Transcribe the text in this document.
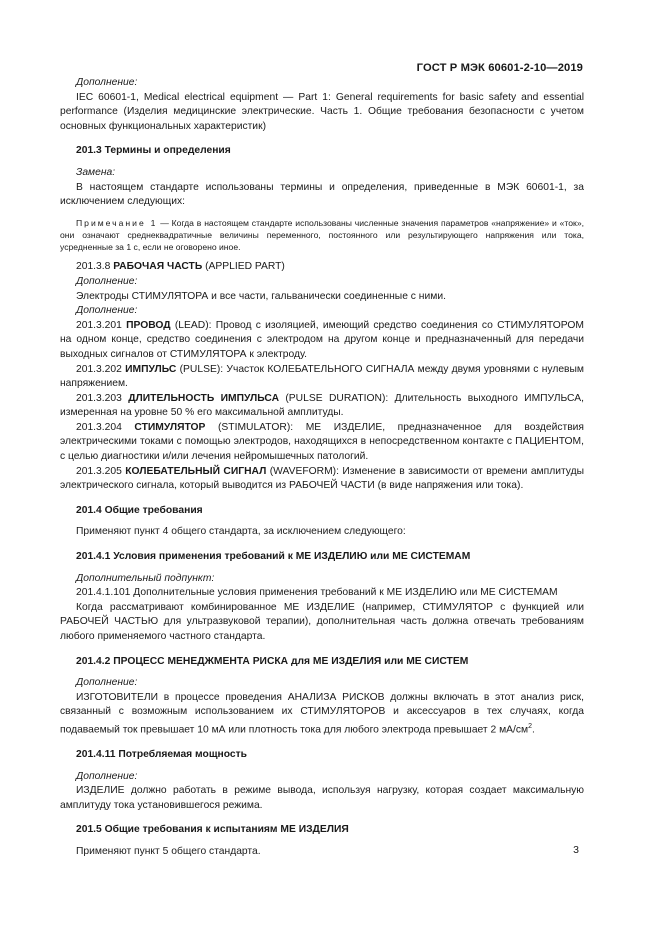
ГОСТ Р МЭК 60601-2-10—2019

Дополнение:

IEC 60601-1, Medical electrical equipment — Part 1: General requirements for basic safety and essential performance (Изделия медицинские электрические. Часть 1. Общие требования безопасности с учетом основных функциональных характеристик)

201.3 Термины и определения

Замена:

В настоящем стандарте использованы термины и определения, приведенные в МЭК 60601-1, за исключением следующих:

Примечание 1 — Когда в настоящем стандарте использованы численные значения параметров «напряжение» и «ток», они означают среднеквадратичные величины переменного, постоянного или результирующего напряжения или тока, усредненные за 1 с, если не оговорено иное.

201.3.8 РАБОЧАЯ ЧАСТЬ (APPLIED PART)

Дополнение:

Электроды СТИМУЛЯТОРА и все части, гальванически соединенные с ними.

Дополнение:

201.3.201 ПРОВОД (LEAD): Провод с изоляцией, имеющий средство соединения со СТИМУЛЯТОРОМ на одном конце, средство соединения с электродом на другом конце и предназначенный для передачи выходных сигналов от СТИМУЛЯТОРА к электроду.

201.3.202 ИМПУЛЬС (PULSE): Участок КОЛЕБАТЕЛЬНОГО СИГНАЛА между двумя уровнями с нулевым напряжением.

201.3.203 ДЛИТЕЛЬНОСТЬ ИМПУЛЬСА (PULSE DURATION): Длительность выходного ИМПУЛЬСА, измеренная на уровне 50 % его максимальной амплитуды.

201.3.204 СТИМУЛЯТОР (STIMULATOR): МЕ ИЗДЕЛИЕ, предназначенное для воздействия электрическими токами с помощью электродов, находящихся в непосредственном контакте с ПАЦИЕНТОМ, с целью диагностики и/или лечения нейромышечных патологий.

201.3.205 КОЛЕБАТЕЛЬНЫЙ СИГНАЛ (WAVEFORM): Изменение в зависимости от времени амплитуды электрического сигнала, который выводится из РАБОЧЕЙ ЧАСТИ (в виде напряжения или тока).

201.4 Общие требования

Применяют пункт 4 общего стандарта, за исключением следующего:

201.4.1 Условия применения требований к МЕ ИЗДЕЛИЮ или МЕ СИСТЕМАМ

Дополнительный подпункт:

201.4.1.101 Дополнительные условия применения требований к МЕ ИЗДЕЛИЮ или МЕ СИСТЕМАМ

Когда рассматривают комбинированное МЕ ИЗДЕЛИЕ (например, СТИМУЛЯТОР с функцией или РАБОЧЕЙ ЧАСТЬЮ для ультразвуковой терапии), дополнительная часть должна отвечать требованиям любого применяемого частного стандарта.

201.4.2 ПРОЦЕСС МЕНЕДЖМЕНТА РИСКА для МЕ ИЗДЕЛИЯ или МЕ СИСТЕМ

Дополнение:

ИЗГОТОВИТЕЛИ в процессе проведения АНАЛИЗА РИСКОВ должны включать в этот анализ риск, связанный с возможным использованием их СТИМУЛЯТОРОВ и аксессуаров в тех случаях, когда подаваемый ток превышает 10 мА или плотность тока для любого электрода превышает 2 $мА/см^2$.

201.4.11 Потребляемая мощность

Дополнение:

ИЗДЕЛИЕ должно работать в режиме вывода, используя нагрузку, которая создает максимальную амплитуду тока установившегося режима.

201.5 Общие требования к испытаниям МЕ ИЗДЕЛИЯ

Применяют пункт 5 общего стандарта.	3
